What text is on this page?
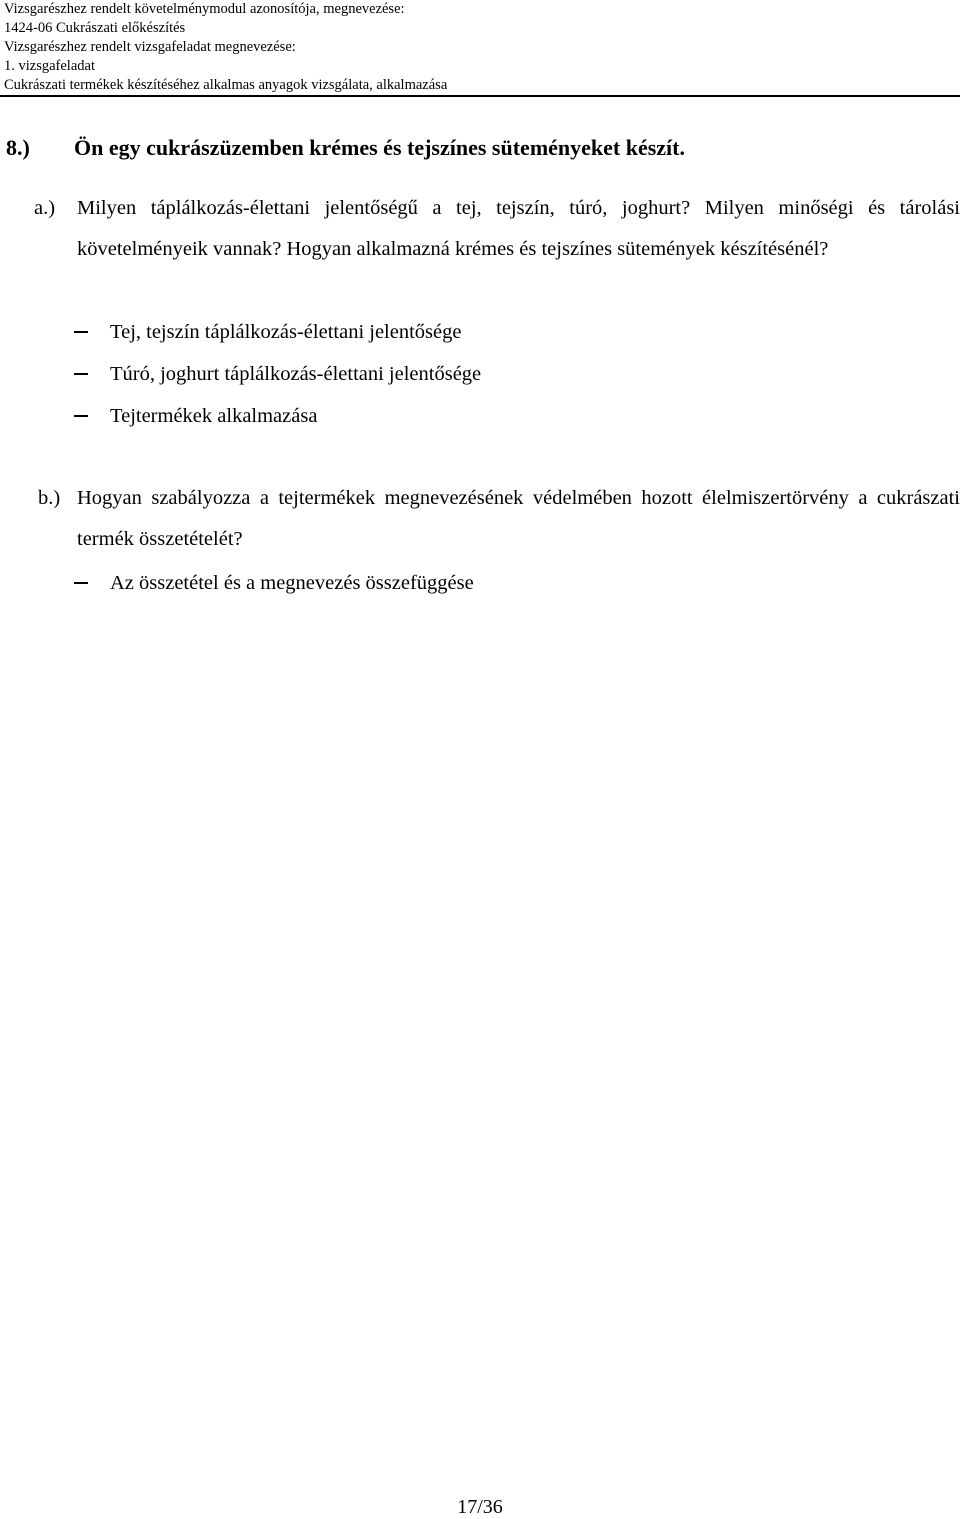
Vizsgarészhez rendelt követelménymodul azonosítója, megnevezése:
1424-06 Cukrászati előkészítés
Vizsgarészhez rendelt vizsgafeladat megnevezése:
1. vizsgafeladat
Cukrászati termékek készítéséhez alkalmas anyagok vizsgálata, alkalmazása
8.) Ön egy cukrászüzemben krémes és tejszínes süteményeket készít.
a.) Milyen táplálkozás-élettani jelentőségű a tej, tejszín, túró, joghurt? Milyen minőségi és tárolási követelményeik vannak? Hogyan alkalmazná krémes és tejszínes sütemények készítésénél?
Tej, tejszín táplálkozás-élettani jelentősége
Túró, joghurt táplálkozás-élettani jelentősége
Tejtermékek alkalmazása
b.) Hogyan szabályozza a tejtermékek megnevezésének védelmében hozott élelmiszertörvény a cukrászati termék összetételét?
Az összetétel és a megnevezés összefüggése
17/36
